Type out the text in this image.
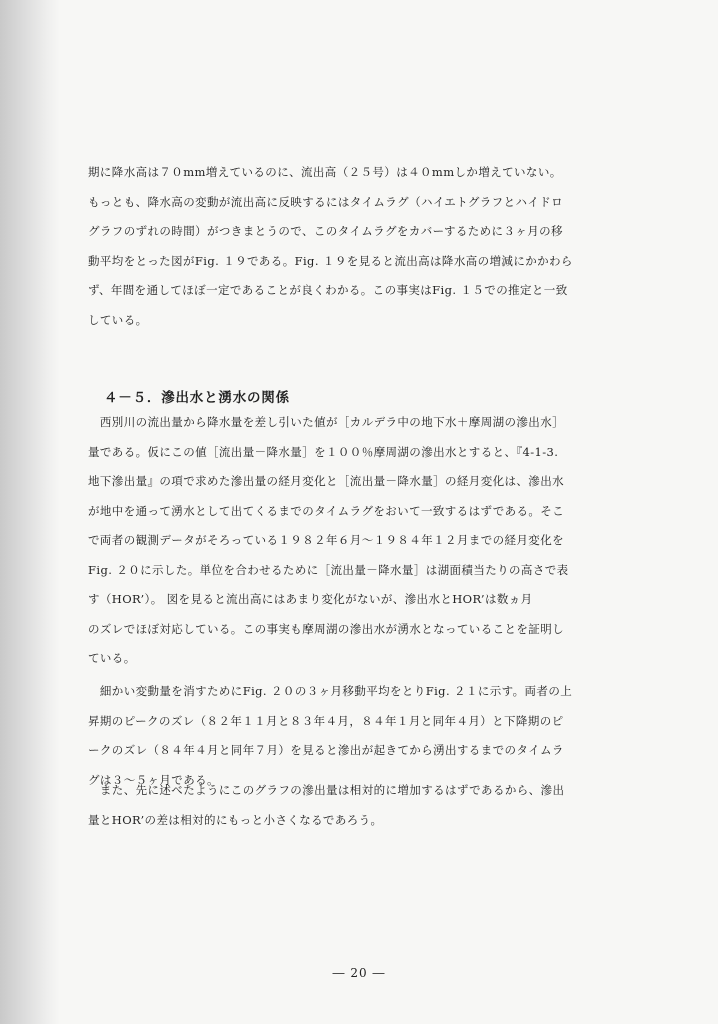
期に降水高は７０mm増えているのに、流出高（２５号）は４０mmしか増えていない。
もっとも、降水高の変動が流出高に反映するにはタイムラグ（ハイエトグラフとハイドロ
グラフのずれの時間）がつきまとうので、このタイムラグをカバーするために３ヶ月の移
動平均をとった図がFig. １９である。Fig. １９を見ると流出高は降水高の増減にかかわら
ず、年間を通してほぼ一定であることが良くわかる。この事実はFig. １５での推定と一致
している。

４－５．滲出水と湧水の関係

　西別川の流出量から降水量を差し引いた値が［カルデラ中の地下水＋摩周湖の滲出水］
量である。仮にこの値［流出量－降水量］を１００％摩周湖の滲出水とすると、『4-1-3.
地下滲出量』の項で求めた滲出量の経月変化と［流出量－降水量］の経月変化は、滲出水
が地中を通って湧水として出てくるまでのタイムラグをおいて一致するはずである。そこ
で両者の観測データがそろっている１９８２年６月～１９８４年１２月までの経月変化を
Fig. ２０に示した。単位を合わせるために［流出量－降水量］は湖面積当たりの高さで表
す（HOR’）。 図を見ると流出高にはあまり変化がないが、滲出水とHOR’は数ヵ月
のズレでほぼ対応している。この事実も摩周湖の滲出水が湧水となっていることを証明し
ている。

　細かい変動量を消すためにFig. ２０の３ヶ月移動平均をとりFig. ２１に示す。両者の上
昇期のピークのズレ（８２年１１月と８３年４月，８４年１月と同年４月）と下降期のピ
ークのズレ（８４年４月と同年７月）を見ると滲出が起きてから湧出するまでのタイムラ
グは３～５ヶ月である。

　また、先に述べたようにこのグラフの滲出量は相対的に増加するはずであるから、滲出
量とHOR’の差は相対的にもっと小さくなるであろう。

― 20 ―
